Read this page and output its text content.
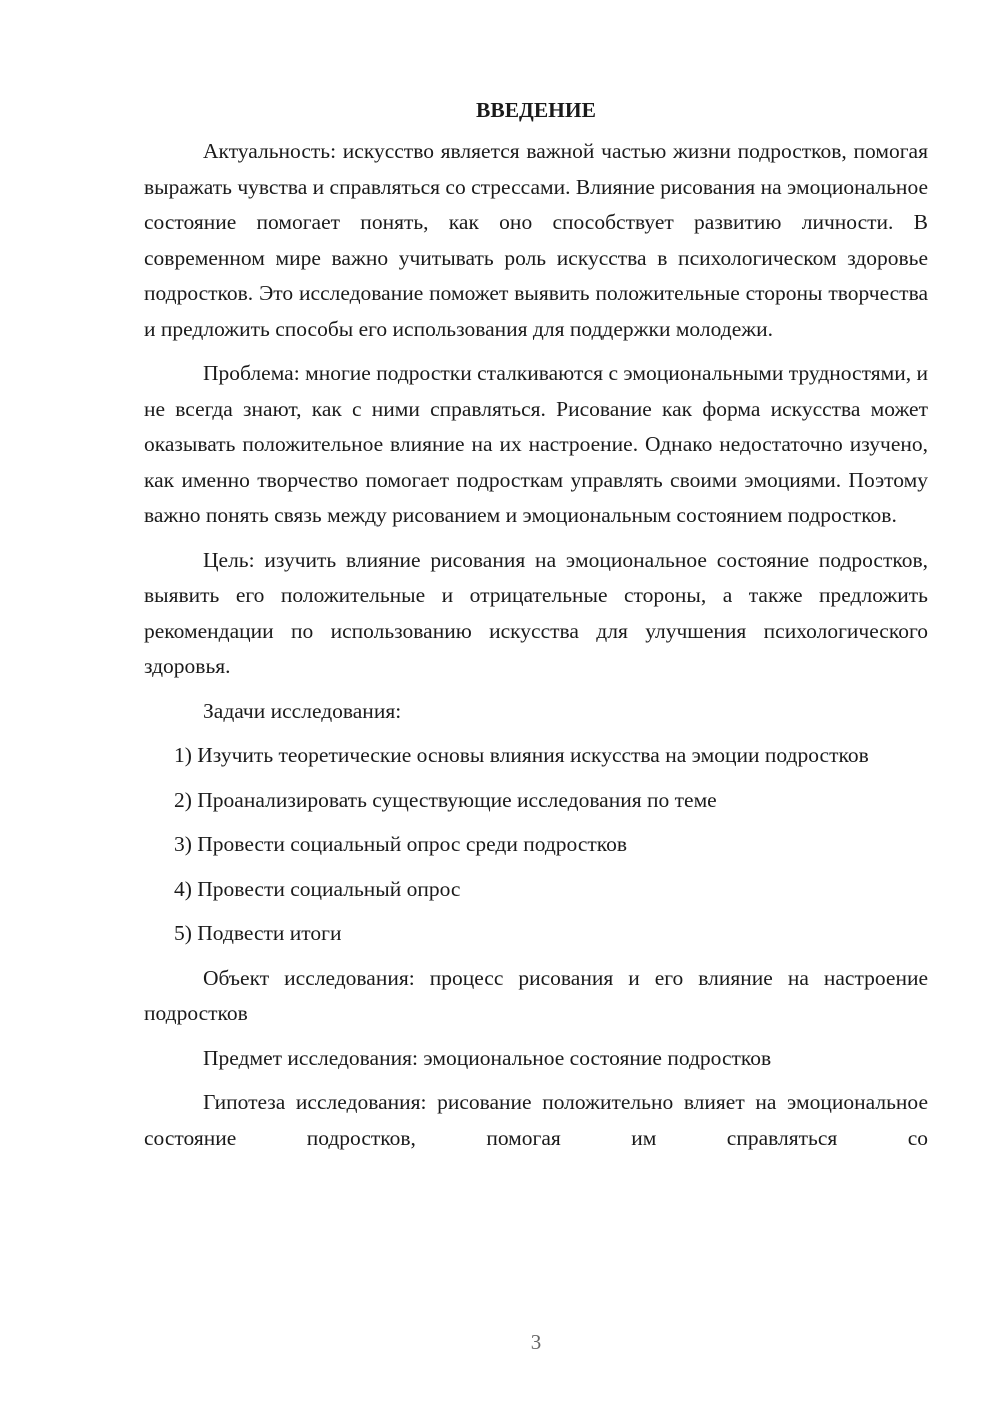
ВВЕДЕНИЕ

Актуальность: искусство является важной частью жизни подростков, помогая выражать чувства и справляться со стрессами. Влияние рисования на эмоциональное состояние помогает понять, как оно способствует развитию личности. В современном мире важно учитывать роль искусства в психологическом здоровье подростков. Это исследование поможет выявить положительные стороны творчества и предложить способы его использования для поддержки молодежи.

Проблема: многие подростки сталкиваются с эмоциональными трудностями, и не всегда знают, как с ними справляться. Рисование как форма искусства может оказывать положительное влияние на их настроение. Однако недостаточно изучено, как именно творчество помогает подросткам управлять своими эмоциями. Поэтому важно понять связь между рисованием и эмоциональным состоянием подростков.

Цель: изучить влияние рисования на эмоциональное состояние подростков, выявить его положительные и отрицательные стороны, а также предложить рекомендации по использованию искусства для улучшения психологического здоровья.

Задачи исследования:

1) Изучить теоретические основы влияния искусства на эмоции подростков

2) Проанализировать существующие исследования по теме

3) Провести социальный опрос среди подростков

4) Провести социальный опрос

5) Подвести итоги

Объект исследования: процесс рисования и его влияние на настроение подростков

Предмет исследования: эмоциональное состояние подростков

Гипотеза исследования: рисование положительно влияет на эмоциональное состояние подростков, помогая им справляться со

3
